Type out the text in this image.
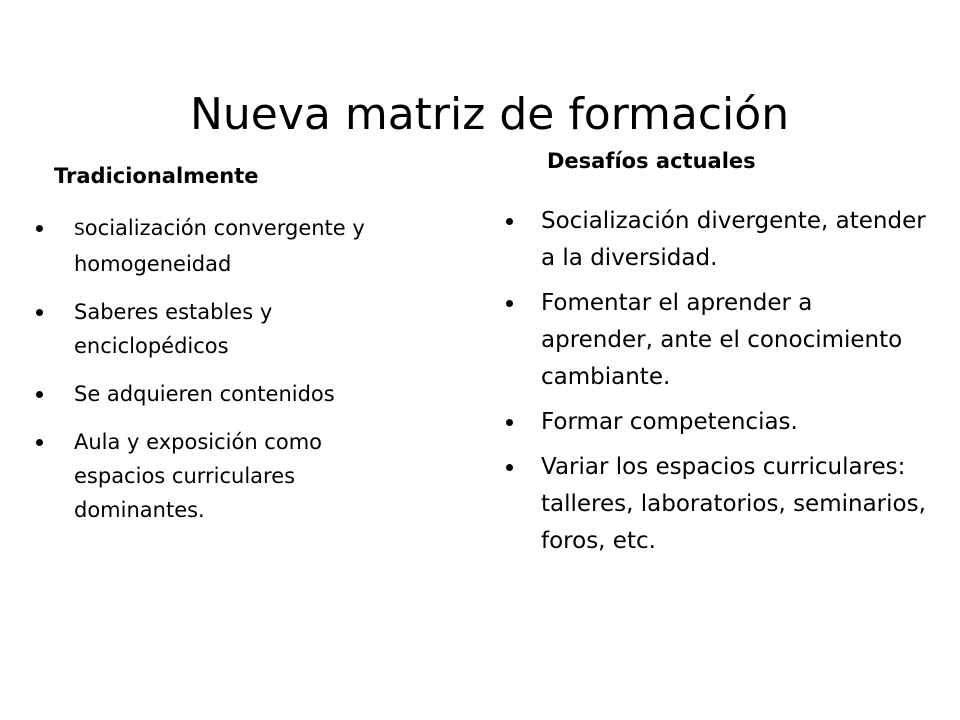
Nueva matriz de formación
Tradicionalmente
Desafíos actuales
Socialización convergente y homogeneidad
Saberes estables y enciclopédicos
Se adquieren contenidos
Aula y exposición como espacios curriculares dominantes.
Socialización divergente, atender a la diversidad.
Fomentar el aprender a aprender, ante el conocimiento cambiante.
Formar competencias.
Variar los espacios curriculares: talleres, laboratorios, seminarios, foros, etc.
